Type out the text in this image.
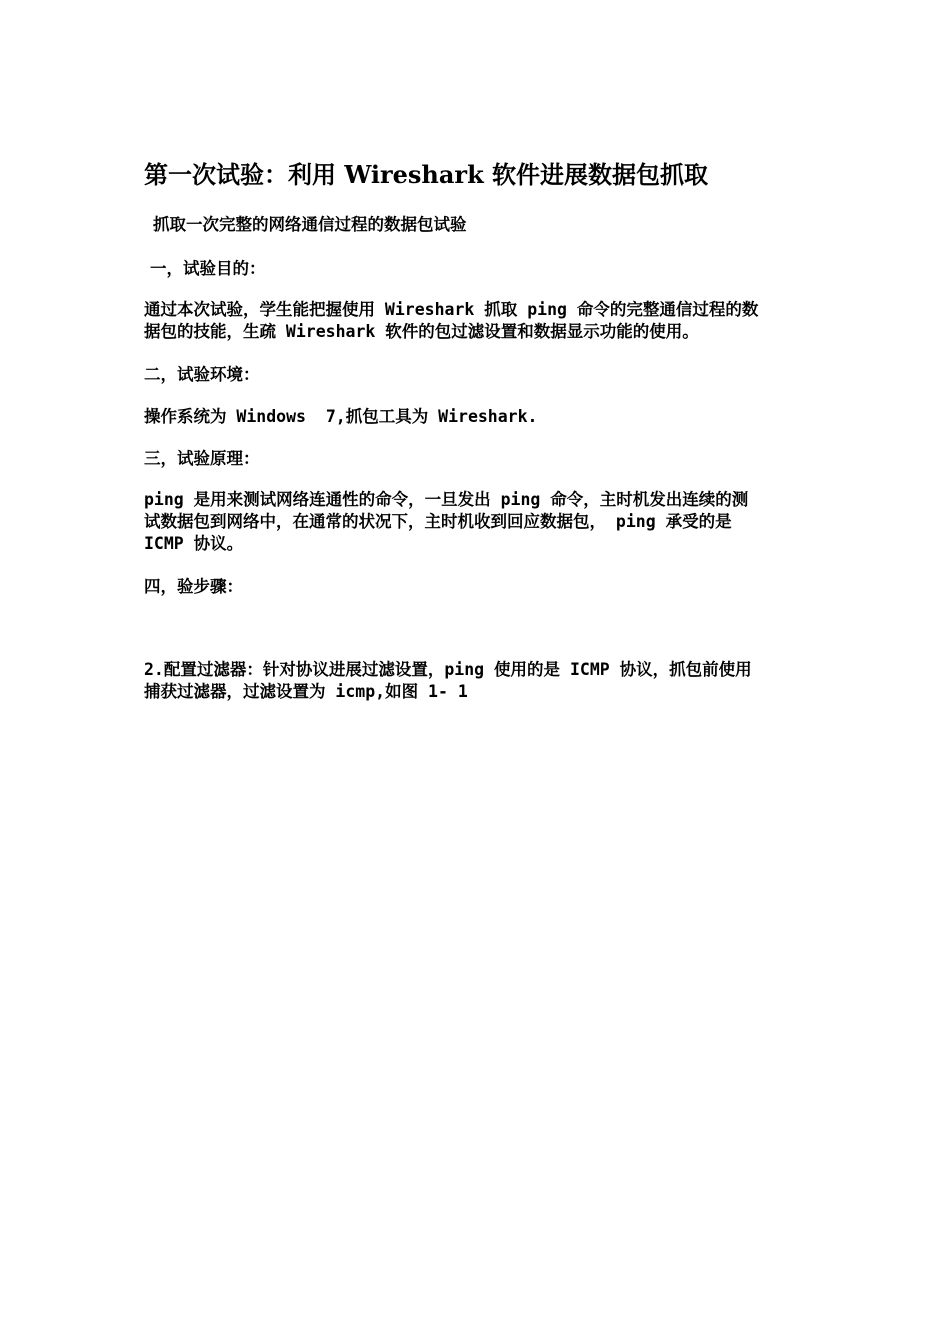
第一次试验：利用 Wireshark 软件进展数据包抓取

抓取一次完整的网络通信过程的数据包试验

一，试验目的：

通过本次试验，学生能把握使用 Wireshark 抓取 ping 命令的完整通信过程的数
据包的技能，生疏 Wireshark 软件的包过滤设置和数据显示功能的使用。

二，试验环境：

操作系统为 Windows  7,抓包工具为 Wireshark.

三，试验原理：

ping 是用来测试网络连通性的命令，一旦发出 ping 命令，主时机发出连续的测
试数据包到网络中，在通常的状况下，主时机收到回应数据包， ping 承受的是
ICMP 协议。

四，验步骤：

2.配置过滤器：针对协议进展过滤设置，ping 使用的是 ICMP 协议，抓包前使用
捕获过滤器，过滤设置为 icmp,如图 1- 1
